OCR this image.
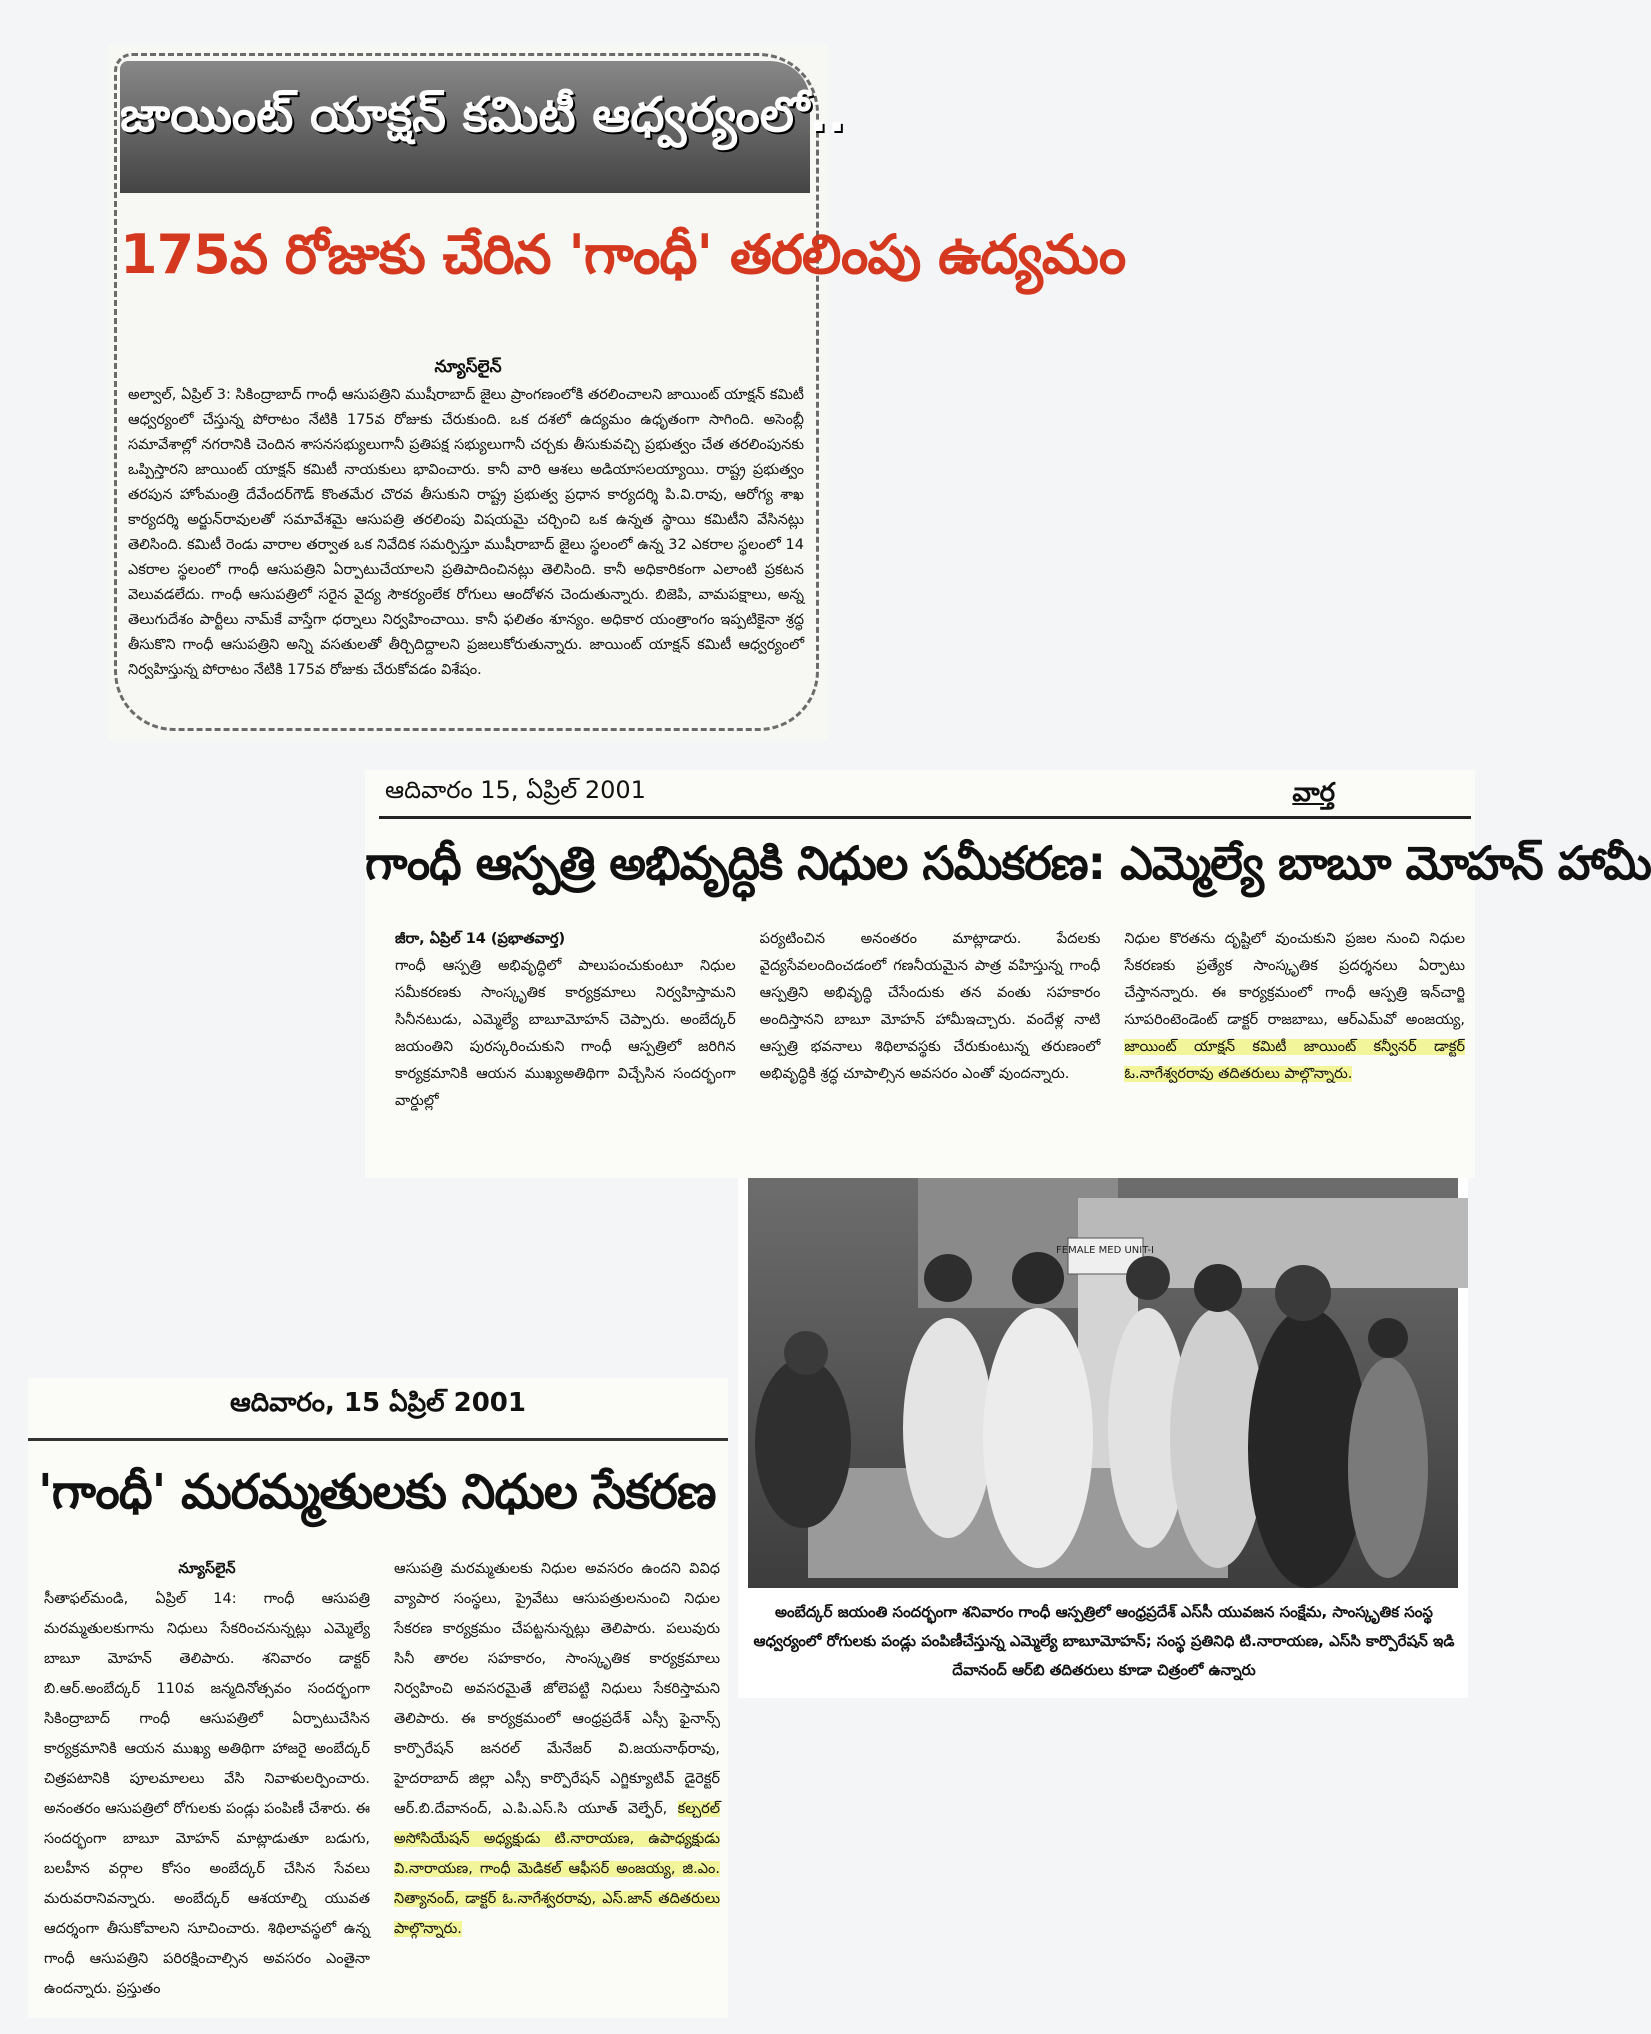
జాయింట్ యాక్షన్ కమిటీ ఆధ్వర్యంలో..
175వ రోజుకు చేరిన 'గాంధీ' తరలింపు ఉద్యమం
న్యూస్‌లైన్
అల్వాల్, ఏప్రిల్ 3: సికింద్రాబాద్ గాంధీ ఆసుపత్రిని ముషీరాబాద్ జైలు ప్రాంగణంలోకి తరలించాలని జాయింట్ యాక్షన్ కమిటీ ఆధ్వర్యంలో చేస్తున్న పోరాటం నేటికి 175వ రోజుకు చేరుకుంది. ఒక దశలో ఉద్యమం ఉధృతంగా సాగింది. అసెంబ్లీ సమావేశాల్లో నగరానికి చెందిన శాసనసభ్యులుగానీ ప్రతిపక్ష సభ్యులుగానీ చర్చకు తీసుకువచ్చి ప్రభుత్వం చేత తరలింపునకు ఒప్పిస్తారని జాయింట్ యాక్షన్ కమిటీ నాయకులు భావించారు. కానీ వారి ఆశలు అడియాసలయ్యాయి. రాష్ట్ర ప్రభుత్వం తరపున హోంమంత్రి దేవేందర్‌గౌడ్ కొంతమేర చొరవ తీసుకుని రాష్ట్ర ప్రభుత్వ ప్రధాన కార్యదర్శి పి.వి.రావు, ఆరోగ్య శాఖ కార్యదర్శి అర్జున్‌రావులతో సమావేశమై ఆసుపత్రి తరలింపు విషయమై చర్చించి ఒక ఉన్నత స్థాయి కమిటీని వేసినట్లు తెలిసింది. కమిటీ రెండు వారాల తర్వాత ఒక నివేదిక సమర్పిస్తూ ముషీరాబాద్ జైలు స్థలంలో ఉన్న 32 ఎకరాల స్థలంలో 14 ఎకరాల స్థలంలో గాంధీ ఆసుపత్రిని ఏర్పాటుచేయాలని ప్రతిపాదించినట్లు తెలిసింది. కానీ అధికారికంగా ఎలాంటి ప్రకటన వెలువడలేదు. గాంధీ ఆసుపత్రిలో సరైన వైద్య సౌకర్యంలేక రోగులు ఆందోళన చెందుతున్నారు. బిజెపి, వామపక్షాలు, అన్న తెలుగుదేశం పార్టీలు నామ్‌కే వాస్తేగా ధర్నాలు నిర్వహించాయి. కానీ ఫలితం శూన్యం. అధికార యంత్రాంగం ఇప్పటికైనా శ్రద్ధ తీసుకొని గాంధీ ఆసుపత్రిని అన్ని వసతులతో తీర్చిదిద్దాలని ప్రజలుకోరుతున్నారు. జాయింట్ యాక్షన్ కమిటీ ఆధ్వర్యంలో నిర్వహిస్తున్న పోరాటం నేటికి 175వ రోజుకు చేరుకోవడం విశేషం.
ఆదివారం 15, ఏప్రిల్ 2001	వార్త
గాంధీ ఆస్పత్రి అభివృద్ధికి నిధుల సమీకరణ: ఎమ్మెల్యే బాబూ మోహన్ హామీ
జీరా, ఏప్రిల్ 14 (ప్రభాతవార్త)
గాంధీ ఆస్పత్రి అభివృద్ధిలో పాలుపంచుకుంటూ నిధుల సమీకరణకు సాంస్కృతిక కార్యక్రమాలు నిర్వహిస్తామని సినీనటుడు, ఎమ్మెల్యే బాబూమోహన్ చెప్పారు. అంబేద్కర్ జయంతిని పురస్కరించుకుని గాంధీ ఆస్పత్రిలో జరిగిన కార్యక్రమానికి ఆయన ముఖ్యఅతిథిగా విచ్చేసిన సందర్భంగా వార్డుల్లో
పర్యటించిన అనంతరం మాట్లాడారు. పేదలకు వైద్యసేవలందించడంలో గణనీయమైన పాత్ర వహిస్తున్న గాంధీ ఆస్పత్రిని అభివృద్ధి చేసేందుకు తన వంతు సహకారం అందిస్తానని బాబూ మోహన్ హామీఇచ్చారు. వందేళ్ల నాటి ఆస్పత్రి భవనాలు శిథిలావస్థకు చేరుకుంటున్న తరుణంలో అభివృద్ధికి శ్రద్ధ చూపాల్సిన అవసరం ఎంతో వుందన్నారు.
నిధుల కొరతను దృష్టిలో వుంచుకుని ప్రజల నుంచి నిధుల సేకరణకు ప్రత్యేక సాంస్కృతిక ప్రదర్శనలు ఏర్పాటు చేస్తానన్నారు. ఈ కార్యక్రమంలో గాంధీ ఆస్పత్రి ఇన్‌చార్జి సూపరింటెండెంట్ డాక్టర్ రాజబాబు, ఆర్‌ఎమ్‌వో అంజయ్య, జాయింట్ యాక్షన్ కమిటీ జాయింట్ కన్వీనర్ డాక్టర్ ఓ.నాగేశ్వరరావు తదితరులు పాల్గొన్నారు.
FEMALE MED UNIT-I
అంబేద్కర్ జయంతి సందర్భంగా శనివారం గాంధీ ఆస్పత్రిలో ఆంధ్రప్రదేశ్ ఎస్‌సీ యువజన సంక్షేమ, సాంస్కృతిక సంస్థ ఆధ్వర్యంలో రోగులకు పండ్లు పంపిణీచేస్తున్న ఎమ్మెల్యే బాబూమోహన్; సంస్థ ప్రతినిధి టి.నారాయణ, ఎస్‌సి కార్పొరేషన్ ఇడి దేవానంద్ ఆర్‌బి తదితరులు కూడా చిత్రంలో ఉన్నారు
ఆదివారం, 15 ఏప్రిల్ 2001
'గాంధీ' మరమ్మతులకు నిధుల సేకరణ
న్యూస్‌లైన్
సీతాఫల్‌మండి, ఏప్రిల్ 14: గాంధీ ఆసుపత్రి మరమ్మతులకుగాను నిధులు సేకరించనున్నట్లు ఎమ్మెల్యే బాబూ మోహన్ తెలిపారు. శనివారం డాక్టర్ బి.ఆర్.అంబేద్కర్ 110వ జన్మదినోత్సవం సందర్భంగా సికింద్రాబాద్ గాంధీ ఆసుపత్రిలో ఏర్పాటుచేసిన కార్యక్రమానికి ఆయన ముఖ్య అతిథిగా హాజరై అంబేద్కర్ చిత్రపటానికి పూలమాలలు వేసి నివాళులర్పించారు. అనంతరం ఆసుపత్రిలో రోగులకు పండ్లు పంపిణీ చేశారు. ఈ సందర్భంగా బాబూ మోహన్ మాట్లాడుతూ బడుగు, బలహీన వర్గాల కోసం అంబేద్కర్ చేసిన సేవలు మరువరానివన్నారు. అంబేద్కర్ ఆశయాల్ని యువత ఆదర్శంగా తీసుకోవాలని సూచించారు. శిథిలావస్థలో ఉన్న గాంధీ ఆసుపత్రిని పరిరక్షించాల్సిన అవసరం ఎంతైనా ఉందన్నారు. ప్రస్తుతం
ఆసుపత్రి మరమ్మతులకు నిధుల అవసరం ఉందని వివిధ వ్యాపార సంస్థలు, ప్రైవేటు ఆసుపత్రులనుంచి నిధుల సేకరణ కార్యక్రమం చేపట్టనున్నట్లు తెలిపారు. పలువురు సినీ తారల సహకారం, సాంస్కృతిక కార్యక్రమాలు నిర్వహించి అవసరమైతే జోలెపట్టి నిధులు సేకరిస్తామని తెలిపారు. ఈ కార్యక్రమంలో ఆంధ్రప్రదేశ్ ఎస్సీ ఫైనాన్స్ కార్పొరేషన్ జనరల్ మేనేజర్ వి.జయనాథ్‌రావు, హైదరాబాద్ జిల్లా ఎస్సీ కార్పొరేషన్ ఎగ్జిక్యూటివ్ డైరెక్టర్ ఆర్.బి.దేవానంద్, ఎ.పి.ఎస్.సి యూత్ వెల్ఫేర్, కల్చరల్ అసోసియేషన్ అధ్యక్షుడు టి.నారాయణ, ఉపాధ్యక్షుడు వి.నారాయణ, గాంధీ మెడికల్ ఆఫీసర్ అంజయ్య, జి.ఎం. నిత్యానంద్, డాక్టర్ ఓ.నాగేశ్వరరావు, ఎస్.జాన్ తదితరులు పాల్గొన్నారు.
